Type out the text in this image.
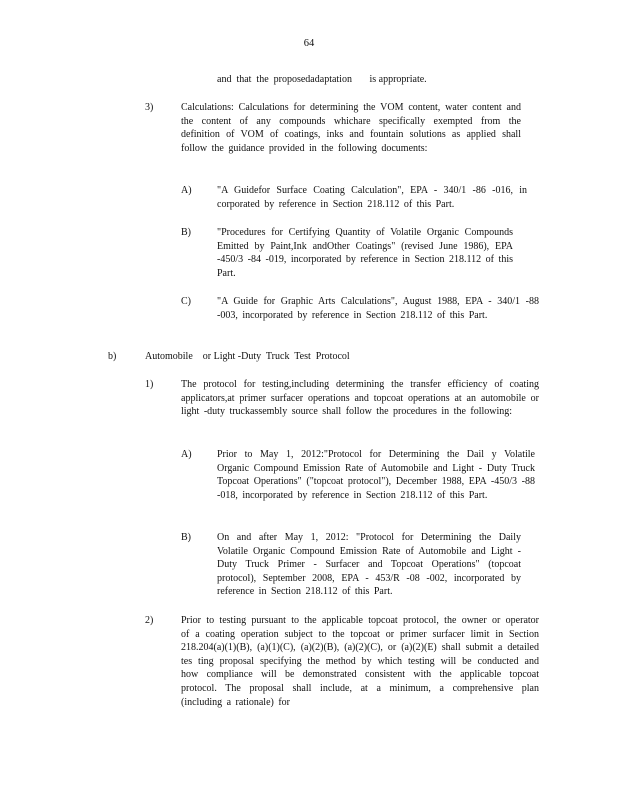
64
and  that  the  proposedadaptation       is appropriate.
3)	Calculations: Calculations for determining the VOM content, water content and the content of any compounds whichare specifically exempted from the definition of VOM of coatings, inks and fountain solutions as applied shall follow the guidance provided in the following documents:
A)	"A Guidefor Surface Coating Calculation", EPA - 340/1 -86 -016, in corporated by reference in Section 218.112 of this Part.
B)	"Procedures for Certifying Quantity of Volatile Organic Compounds Emitted by Paint,Ink andOther Coatings" (revised June 1986), EPA -450/3 -84 -019, incorporated by reference in Section 218.112 of this Part.
C)	"A Guide for Graphic Arts Calculations", August 1988, EPA - 340/1 -88 -003, incorporated by reference in Section 218.112 of this Part.
b)	Automobile    or Light -Duty  Truck  Test  Protocol
1)	The protocol for testing,including determining the transfer efficiency of coating applicators,at primer surfacer operations and topcoat operations at an automobile or light -duty truckassembly source shall follow the procedures in the following:
A)	Prior to May 1, 2012:"Protocol for Determining the Dail y Volatile Organic Compound Emission Rate of Automobile and Light - Duty Truck Topcoat Operations" ("topcoat protocol"), December 1988, EPA -450/3 -88 -018, incorporated by reference in Section 218.112 of this Part.
B)	On and after May 1, 2012: "Protocol for Determining the Daily Volatile Organic Compound Emission Rate of Automobile and Light - Duty Truck Primer - Surfacer and Topcoat Operations" (topcoat protocol), September 2008, EPA - 453/R -08 -002, incorporated by reference in Section 218.112 of this Part.
2)	Prior to testing pursuant to the applicable topcoat protocol, the owner or operator of a coating operation subject to the topcoat or primer surfacer limit in Section 218.204(a)(1)(B), (a)(1)(C), (a)(2)(B), (a)(2)(C), or (a)(2)(E) shall submit a detailed tes ting proposal specifying the method by which testing will be conducted and how compliance will be demonstrated consistent with the applicable topcoat protocol. The proposal shall include, at a minimum, a comprehensive plan (including a rationale) for
